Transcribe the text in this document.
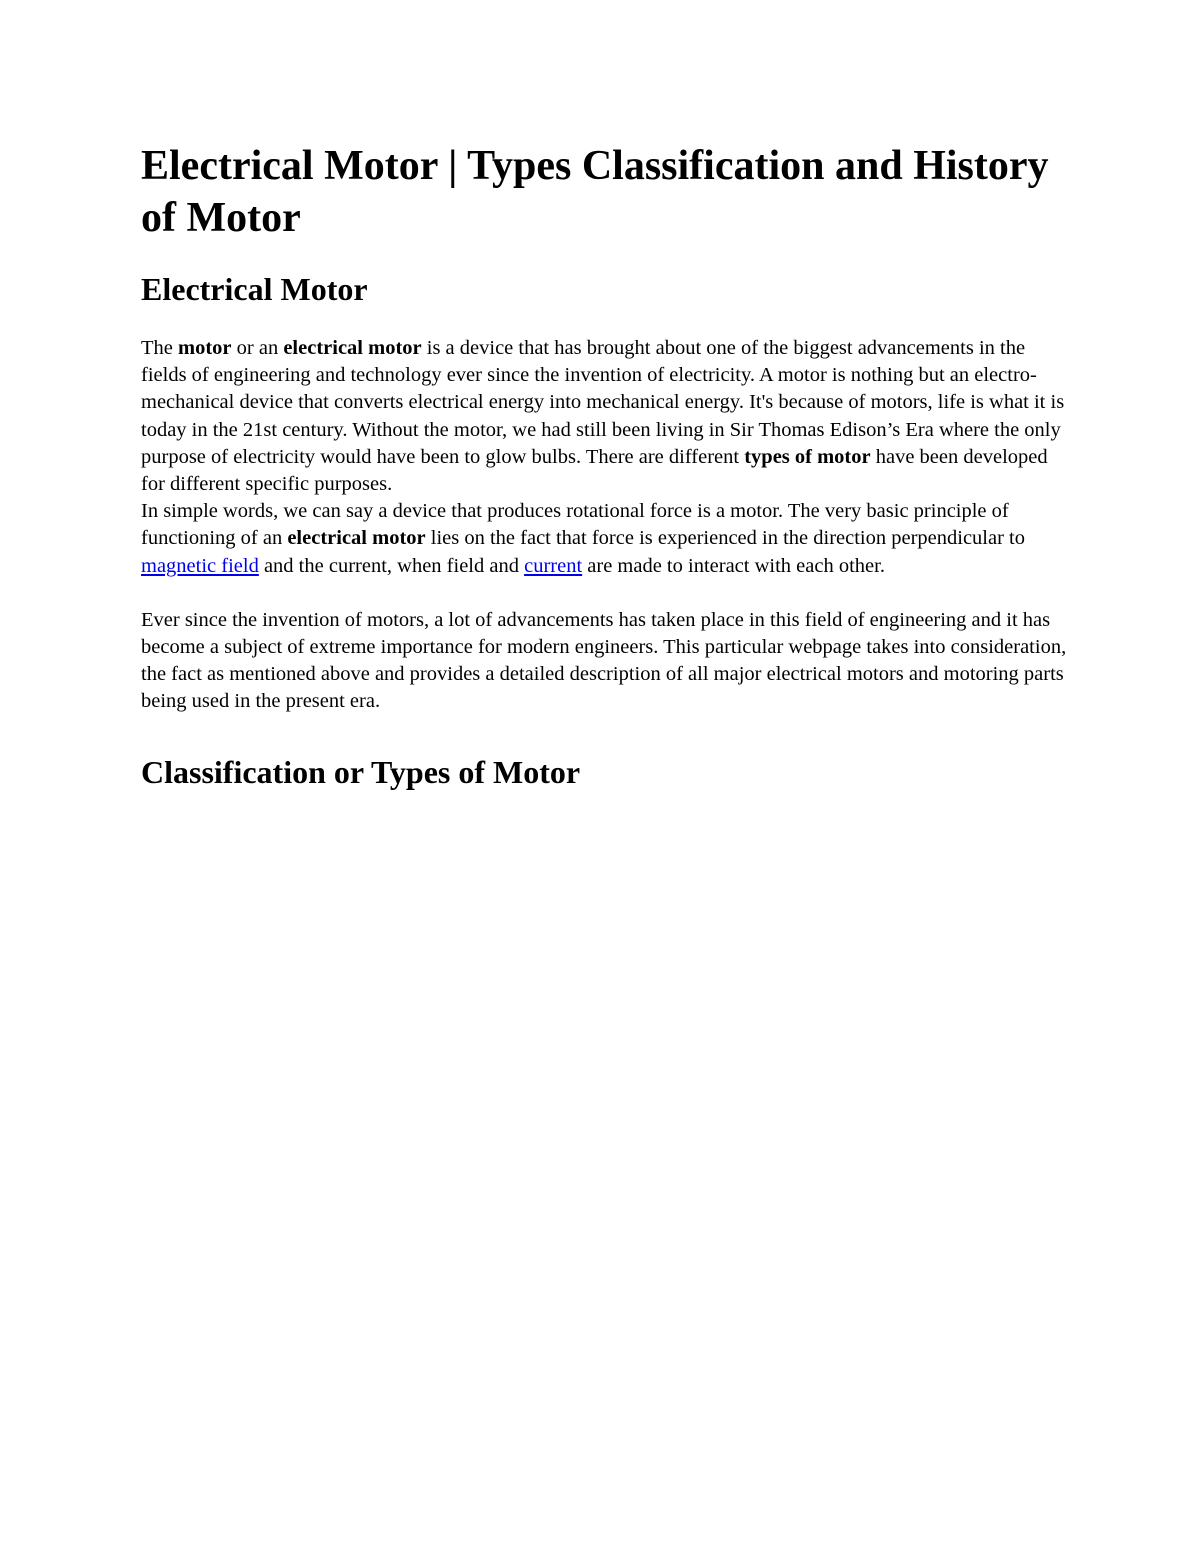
Electrical Motor | Types Classification and History of Motor
Electrical Motor

The motor or an electrical motor is a device that has brought about one of the biggest advancements in the fields of engineering and technology ever since the invention of electricity. A motor is nothing but an electro-mechanical device that converts electrical energy into mechanical energy. It's because of motors, life is what it is today in the 21st century. Without the motor, we had still been living in Sir Thomas Edison’s Era where the only purpose of electricity would have been to glow bulbs. There are different types of motor have been developed for different specific purposes.

In simple words, we can say a device that produces rotational force is a motor. The very basic principle of functioning of an electrical motor lies on the fact that force is experienced in the direction perpendicular to magnetic field and the current, when field and current are made to interact with each other.

Ever since the invention of motors, a lot of advancements has taken place in this field of engineering and it has become a subject of extreme importance for modern engineers. This particular webpage takes into consideration, the fact as mentioned above and provides a detailed description of all major electrical motors and motoring parts being used in the present era.

Classification or Types of Motor
